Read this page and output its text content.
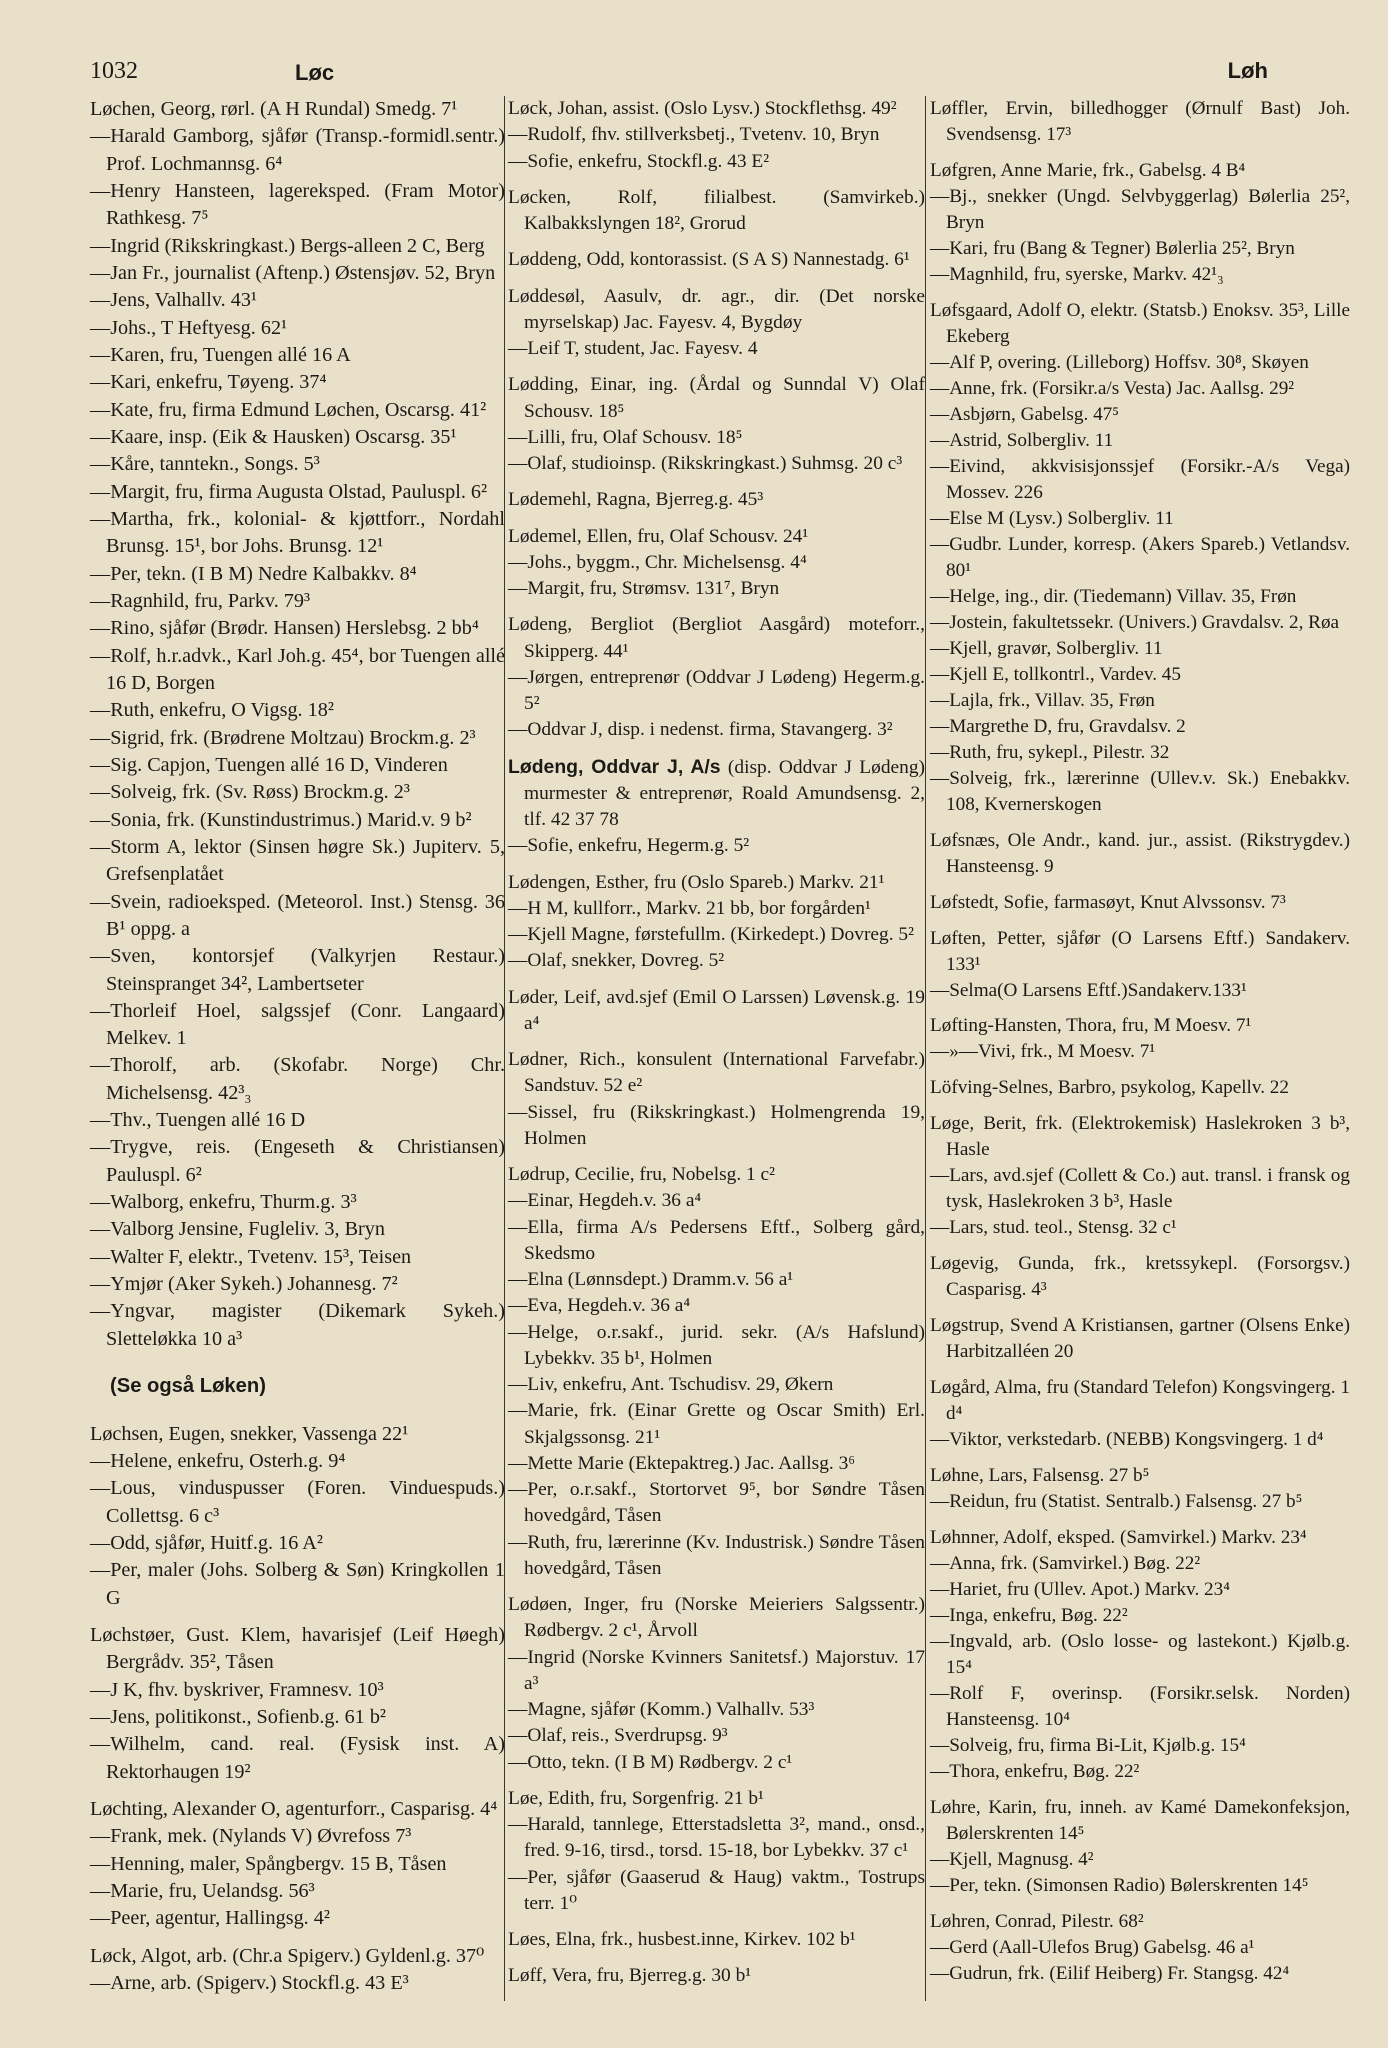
1032	Løc	Løh

Løchen, Georg, rørl. (A H Rundal) Smedg. 7¹

—Harald Gamborg, sjåfør (Transp.-formidl.sentr.) Prof. Lochmannsg. 6⁴

—Henry Hansteen, lagereksped. (Fram Motor) Rathkesg. 7⁵

—Ingrid (Rikskringkast.) Bergs-alleen 2 C, Berg

—Jan Fr., journalist (Aftenp.) Østensjøv. 52, Bryn

—Jens, Valhallv. 43¹

—Johs., T Heftyesg. 62¹

—Karen, fru, Tuengen allé 16 A

—Kari, enkefru, Tøyeng. 37⁴

—Kate, fru, firma Edmund Løchen, Oscarsg. 41²

—Kaare, insp. (Eik & Hausken) Oscarsg. 35¹

—Kåre, tanntekn., Songs. 5³

—Margit, fru, firma Augusta Olstad, Pauluspl. 6²

—Martha, frk., kolonial- & kjøttforr., Nordahl Brunsg. 15¹, bor Johs. Brunsg. 12¹

—Per, tekn. (I B M) Nedre Kalbakkv. 8⁴

—Ragnhild, fru, Parkv. 79³

—Rino, sjåfør (Brødr. Hansen) Herslebsg. 2 bb⁴

—Rolf, h.r.advk., Karl Joh.g. 45⁴, bor Tuengen allé 16 D, Borgen

—Ruth, enkefru, O Vigsg. 18²

—Sigrid, frk. (Brødrene Moltzau) Brockm.g. 2³

—Sig. Capjon, Tuengen allé 16 D, Vinderen

—Solveig, frk. (Sv. Røss) Brockm.g. 2³

—Sonia, frk. (Kunstindustrimus.) Marid.v. 9 b²

—Storm A, lektor (Sinsen høgre Sk.) Jupiterv. 5, Grefsenplatået

—Svein, radioeksped. (Meteorol. Inst.) Stensg. 36 B¹ oppg. a

—Sven, kontorsjef (Valkyrjen Restaur.) Steinspranget 34², Lambertseter

—Thorleif Hoel, salgssjef (Conr. Langaard) Melkev. 1

—Thorolf, arb. (Skofabr. Norge) Chr. Michelsensg. 42³₃

—Thv., Tuengen allé 16 D

—Trygve, reis. (Engeseth & Christiansen) Pauluspl. 6²

—Walborg, enkefru, Thurm.g. 3³

—Valborg Jensine, Fugleliv. 3, Bryn

—Walter F, elektr., Tvetenv. 15³, Teisen

—Ymjør (Aker Sykeh.) Johannesg. 7²

—Yngvar, magister (Dikemark Sykeh.) Sletteløkka 10 a³

(Se også Løken)

Løchsen, Eugen, snekker, Vassenga 22¹

—Helene, enkefru, Osterh.g. 9⁴

—Lous, vinduspusser (Foren. Vinduespuds.) Collettsg. 6 c³

—Odd, sjåfør, Huitf.g. 16 A²

—Per, maler (Johs. Solberg & Søn) Kringkollen 1 G

Løchstøer, Gust. Klem, havarisjef (Leif Høegh) Bergrådv. 35², Tåsen

—J K, fhv. byskriver, Framnesv. 10³

—Jens, politikonst., Sofienb.g. 61 b²

—Wilhelm, cand. real. (Fysisk inst. A) Rektorhaugen 19²

Løchting, Alexander O, agenturforr., Casparisg. 4⁴

—Frank, mek. (Nylands V) Øvrefoss 7³

—Henning, maler, Spångbergv. 15 B, Tåsen

—Marie, fru, Uelandsg. 56³

—Peer, agentur, Hallingsg. 4²

Løck, Algot, arb. (Chr.a Spigerv.) Gyldenl.g. 37⁰

—Arne, arb. (Spigerv.) Stockfl.g. 43 E³

Løck, Johan, assist. (Oslo Lysv.) Stockflethsg. 49²

—Rudolf, fhv. stillverksbetj., Tvetenv. 10, Bryn

—Sofie, enkefru, Stockfl.g. 43 E²

Løcken, Rolf, filialbest. (Samvirkeb.) Kalbakkslyngen 18², Grorud

Løddeng, Odd, kontorassist. (S A S) Nannestadg. 6¹

Løddesøl, Aasulv, dr. agr., dir. (Det norske myrselskap) Jac. Fayesv. 4, Bygdøy

—Leif T, student, Jac. Fayesv. 4

Lødding, Einar, ing. (Årdal og Sunndal V) Olaf Schousv. 18⁵

—Lilli, fru, Olaf Schousv. 18⁵

—Olaf, studioinsp. (Rikskringkast.) Suhmsg. 20 c³

Lødemehl, Ragna, Bjerreg.g. 45³

Lødemel, Ellen, fru, Olaf Schousv. 24¹

—Johs., byggm., Chr. Michelsensg. 4⁴

—Margit, fru, Strømsv. 131⁷, Bryn

Lødeng, Bergliot (Bergliot Aasgård) moteforr., Skipperg. 44¹

—Jørgen, entreprenør (Oddvar J Lødeng) Hegerm.g. 5²

—Oddvar J, disp. i nedenst. firma, Stavangerg. 3²

Lødeng, Oddvar J, A/s (disp. Oddvar J Lødeng) murmester & entreprenør, Roald Amundsensg. 2, tlf. 42 37 78

—Sofie, enkefru, Hegerm.g. 5²

Lødengen, Esther, fru (Oslo Spareb.) Markv. 21¹

—H M, kullforr., Markv. 21 bb, bor forgården¹

—Kjell Magne, førstefullm. (Kirkedept.) Dovreg. 5²

—Olaf, snekker, Dovreg. 5²

Løder, Leif, avd.sjef (Emil O Larssen) Løvensk.g. 19 a⁴

Lødner, Rich., konsulent (International Farvefabr.) Sandstuv. 52 e²

—Sissel, fru (Rikskringkast.) Holmengrenda 19, Holmen

Lødrup, Cecilie, fru, Nobelsg. 1 c²

—Einar, Hegdeh.v. 36 a⁴

—Ella, firma A/s Pedersens Eftf., Solberg gård, Skedsmo

—Elna (Lønnsdept.) Dramm.v. 56 a¹

—Eva, Hegdeh.v. 36 a⁴

—Helge, o.r.sakf., jurid. sekr. (A/s Hafslund) Lybekkv. 35 b¹, Holmen

—Liv, enkefru, Ant. Tschudisv. 29, Økern

—Marie, frk. (Einar Grette og Oscar Smith) Erl. Skjalgssonsg. 21¹

—Mette Marie (Ektepaktreg.) Jac. Aallsg. 3⁶

—Per, o.r.sakf., Stortorvet 9⁵, bor Søndre Tåsen hovedgård, Tåsen

—Ruth, fru, lærerinne (Kv. Industrisk.) Søndre Tåsen hovedgård, Tåsen

Lødøen, Inger, fru (Norske Meieriers Salgssentr.) Rødbergv. 2 c¹, Årvoll

—Ingrid (Norske Kvinners Sanitetsf.) Majorstuv. 17 a³

—Magne, sjåfør (Komm.) Valhallv. 53³

—Olaf, reis., Sverdrupsg. 9³

—Otto, tekn. (I B M) Rødbergv. 2 c¹

Løe, Edith, fru, Sorgenfrig. 21 b¹

—Harald, tannlege, Etterstadsletta 3², mand., onsd., fred. 9-16, tirsd., torsd. 15-18, bor Lybekkv. 37 c¹

—Per, sjåfør (Gaaserud & Haug) vaktm., Tostrups terr. 1⁰

Løes, Elna, frk., husbest.inne, Kirkev. 102 b¹

Løff, Vera, fru, Bjerreg.g. 30 b¹

Løffler, Ervin, billedhogger (Ørnulf Bast) Joh. Svendsensg. 17³

Løfgren, Anne Marie, frk., Gabelsg. 4 B⁴

—Bj., snekker (Ungd. Selvbyggerlag) Bølerlia 25², Bryn

—Kari, fru (Bang & Tegner) Bølerlia 25², Bryn

—Magnhild, fru, syerske, Markv. 42¹₃

Løfsgaard, Adolf O, elektr. (Statsb.) Enoksv. 35³, Lille Ekeberg

—Alf P, overing. (Lilleborg) Hoffsv. 30⁸, Skøyen

—Anne, frk. (Forsikr.a/s Vesta) Jac. Aallsg. 29²

—Asbjørn, Gabelsg. 47⁵

—Astrid, Solbergliv. 11

—Eivind, akkvisisjonssjef (Forsikr.-A/s Vega) Mossev. 226

—Else M (Lysv.) Solbergliv. 11

—Gudbr. Lunder, korresp. (Akers Spareb.) Vetlandsv. 80¹

—Helge, ing., dir. (Tiedemann) Villav. 35, Frøn

—Jostein, fakultetssekr. (Univers.) Gravdalsv. 2, Røa

—Kjell, gravør, Solbergliv. 11

—Kjell E, tollkontrl., Vardev. 45

—Lajla, frk., Villav. 35, Frøn

—Margrethe D, fru, Gravdalsv. 2

—Ruth, fru, sykepl., Pilestr. 32

—Solveig, frk., lærerinne (Ullev.v. Sk.) Enebakkv. 108, Kvernerskogen

Løfsnæs, Ole Andr., kand. jur., assist. (Rikstrygdev.) Hansteensg. 9

Løfstedt, Sofie, farmasøyt, Knut Alvssonsv. 7³

Løften, Petter, sjåfør (O Larsens Eftf.) Sandakerv. 133¹

—Selma(O Larsens Eftf.)Sandakerv.133¹

Løfting-Hansten, Thora, fru, M Moesv. 7¹

—»—Vivi, frk., M Moesv. 7¹

Löfving-Selnes, Barbro, psykolog, Kapellv. 22

Løge, Berit, frk. (Elektrokemisk) Haslekroken 3 b³, Hasle

—Lars, avd.sjef (Collett & Co.) aut. transl. i fransk og tysk, Haslekroken 3 b³, Hasle

—Lars, stud. teol., Stensg. 32 c¹

Løgevig, Gunda, frk., kretssykepl. (Forsorgsv.) Casparisg. 4³

Løgstrup, Svend A Kristiansen, gartner (Olsens Enke) Harbitzalléen 20

Løgård, Alma, fru (Standard Telefon) Kongsvingerg. 1 d⁴

—Viktor, verkstedarb. (NEBB) Kongsvingerg. 1 d⁴

Løhne, Lars, Falsensg. 27 b⁵

—Reidun, fru (Statist. Sentralb.) Falsensg. 27 b⁵

Løhnner, Adolf, eksped. (Samvirkel.) Markv. 23⁴

—Anna, frk. (Samvirkel.) Bøg. 22²

—Hariet, fru (Ullev. Apot.) Markv. 23⁴

—Inga, enkefru, Bøg. 22²

—Ingvald, arb. (Oslo losse- og lastekont.) Kjølb.g. 15⁴

—Rolf F, overinsp. (Forsikr.selsk. Norden) Hansteensg. 10⁴

—Solveig, fru, firma Bi-Lit, Kjølb.g. 15⁴

—Thora, enkefru, Bøg. 22²

Løhre, Karin, fru, inneh. av Kamé Damekonfeksjon, Bølerskrenten 14⁵

—Kjell, Magnusg. 4²

—Per, tekn. (Simonsen Radio) Bølerskrenten 14⁵

Løhren, Conrad, Pilestr. 68²

—Gerd (Aall-Ulefos Brug) Gabelsg. 46 a¹

—Gudrun, frk. (Eilif Heiberg) Fr. Stangsg. 42⁴
